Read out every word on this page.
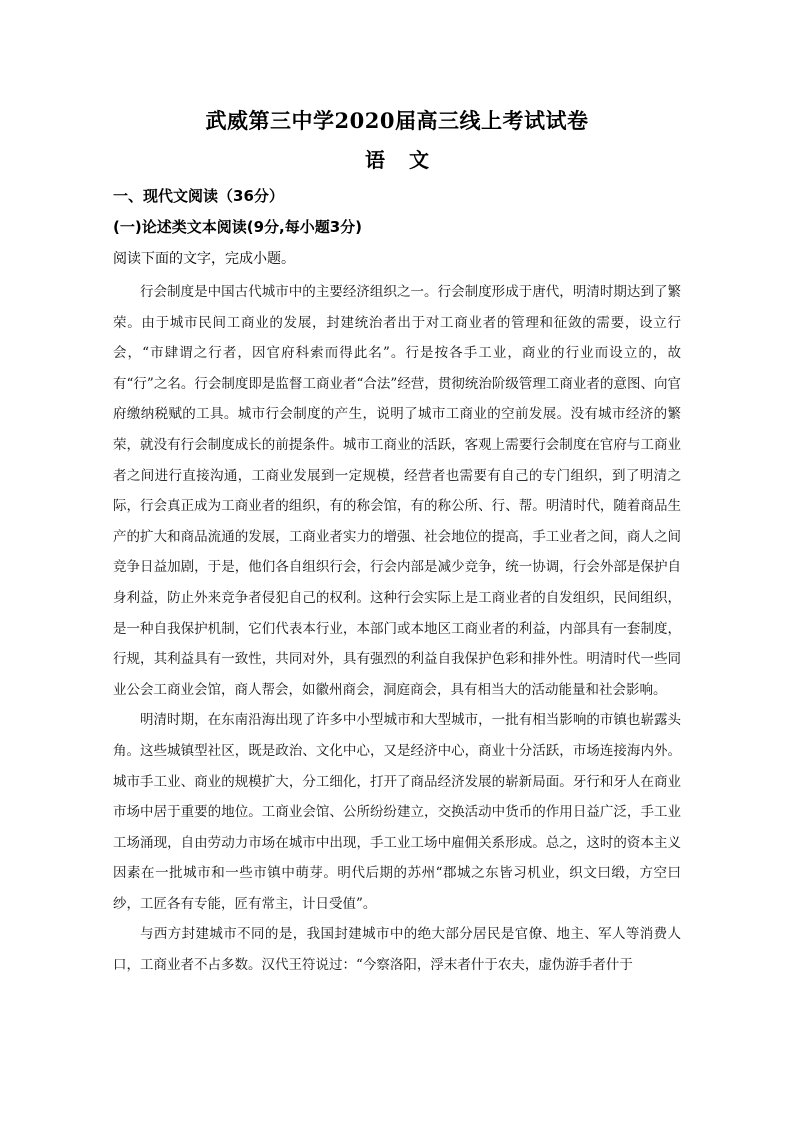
武威第三中学2020届高三线上考试试卷
语文
一、现代文阅读（36分）
(一)论述类文本阅读(9分,每小题3分)

阅读下面的文字，完成小题。

行会制度是中国古代城市中的主要经济组织之一。行会制度形成于唐代，明清时期达到了繁荣。由于城市民间工商业的发展，封建统治者出于对工商业者的管理和征敛的需要，设立行会，“市肆谓之行者，因官府科索而得此名”。行是按各手工业，商业的行业而设立的，故有“行”之名。行会制度即是监督工商业者“合法”经营，贯彻统治阶级管理工商业者的意图、向官府缴纳税赋的工具。城市行会制度的产生，说明了城市工商业的空前发展。没有城市经济的繁荣，就没有行会制度成长的前提条件。城市工商业的活跃，客观上需要行会制度在官府与工商业者之间进行直接沟通，工商业发展到一定规模，经营者也需要有自己的专门组织，到了明清之际，行会真正成为工商业者的组织，有的称会馆，有的称公所、行、帮。明清时代，随着商品生产的扩大和商品流通的发展，工商业者实力的增强、社会地位的提高，手工业者之间，商人之间竞争日益加剧，于是，他们各自组织行会，行会内部是减少竞争，统一协调，行会外部是保护自身利益，防止外来竞争者侵犯自己的权利。这种行会实际上是工商业者的自发组织，民间组织，是一种自我保护机制，它们代表本行业，本部门或本地区工商业者的利益，内部具有一套制度，行规，其利益具有一致性，共同对外，具有强烈的利益自我保护色彩和排外性。明清时代一些同业公会工商业会馆，商人帮会，如徽州商会，洞庭商会，具有相当大的活动能量和社会影响。

明清时期，在东南沿海出现了许多中小型城市和大型城市，一批有相当影响的市镇也崭露头角。这些城镇型社区，既是政治、文化中心，又是经济中心，商业十分活跃，市场连接海内外。城市手工业、商业的规模扩大，分工细化，打开了商品经济发展的崭新局面。牙行和牙人在商业市场中居于重要的地位。工商业会馆、公所纷纷建立，交换活动中货币的作用日益广泛，手工业工场涌现，自由劳动力市场在城市中出现，手工业工场中雇佣关系形成。总之，这时的资本主义因素在一批城市和一些市镇中萌芽。明代后期的苏州“郡城之东皆习机业，织文曰缎，方空曰纱，工匠各有专能，匠有常主，计日受值”。

与西方封建城市不同的是，我国封建城市中的绝大部分居民是官僚、地主、军人等消费人口，工商业者不占多数。汉代王符说过：“今察洛阳，浮末者什于农夫，虚伪游手者什于
